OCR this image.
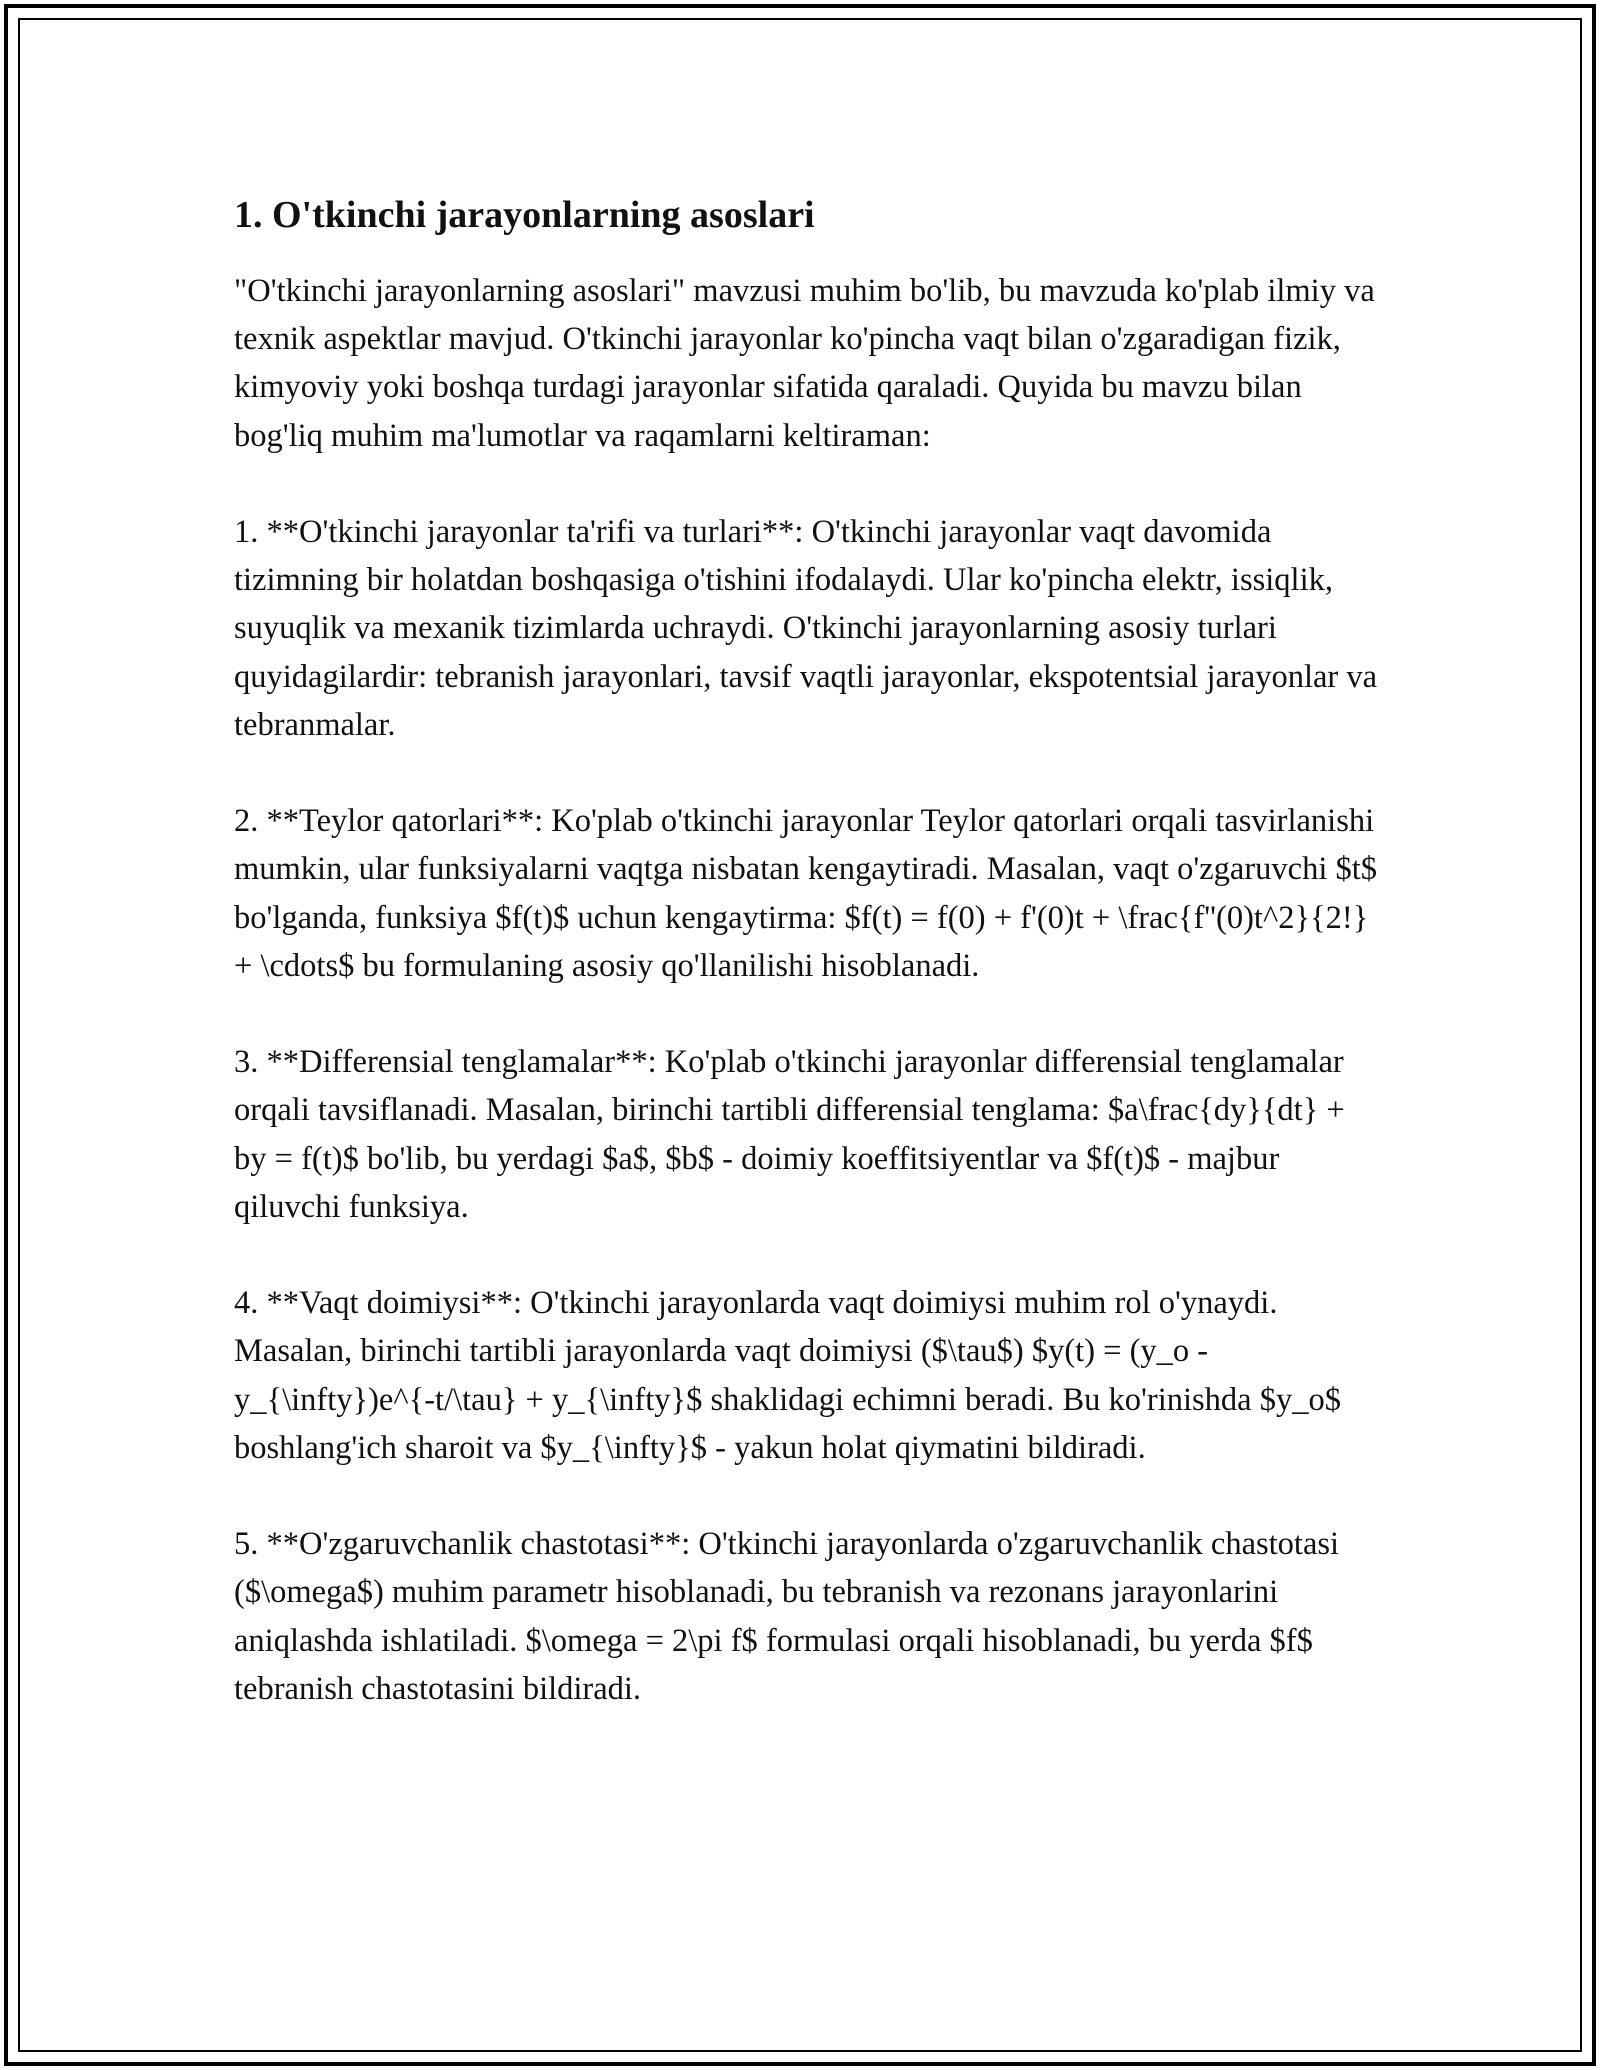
1. O'tkinchi jarayonlarning asoslari

"O'tkinchi jarayonlarning asoslari" mavzusi muhim bo'lib, bu mavzuda ko'plab ilmiy va texnik aspektlar mavjud. O'tkinchi jarayonlar ko'pincha vaqt bilan o'zgaradigan fizik, kimyoviy yoki boshqa turdagi jarayonlar sifatida qaraladi. Quyida bu mavzu bilan bog'liq muhim ma'lumotlar va raqamlarni keltiraman:

1. **O'tkinchi jarayonlar ta'rifi va turlari**: O'tkinchi jarayonlar vaqt davomida tizimning bir holatdan boshqasiga o'tishini ifodalaydi. Ular ko'pincha elektr, issiqlik, suyuqlik va mexanik tizimlarda uchraydi. O'tkinchi jarayonlarning asosiy turlari quyidagilardir: tebranish jarayonlari, tavsif vaqtli jarayonlar, ekspotentsial jarayonlar va tebranmalar.

2. **Teylor qatorlari**: Ko'plab o'tkinchi jarayonlar Teylor qatorlari orqali tasvirlanishi mumkin, ular funksiyalarni vaqtga nisbatan kengaytiradi. Masalan, vaqt o'zgaruvchi $t$ bo'lganda, funksiya $f(t)$ uchun kengaytirma: $f(t) = f(0) + f'(0)t + \frac{f''(0)t^2}{2!} + \cdots$ bu formulaning asosiy qo'llanilishi hisoblanadi.

3. **Differensial tenglamalar**: Ko'plab o'tkinchi jarayonlar differensial tenglamalar orqali tavsiflanadi. Masalan, birinchi tartibli differensial tenglama: $a\frac{dy}{dt} + by = f(t)$ bo'lib, bu yerdagi $a$, $b$ - doimiy koeffitsiyentlar va $f(t)$ - majbur qiluvchi funksiya.

4. **Vaqt doimiysi**: O'tkinchi jarayonlarda vaqt doimiysi muhim rol o'ynaydi. Masalan, birinchi tartibli jarayonlarda vaqt doimiysi ($\tau$) $y(t) = (y_o - y_{\infty})e^{-t/\tau} + y_{\infty}$ shaklidagi echimni beradi. Bu ko'rinishda $y_o$ boshlang'ich sharoit va $y_{\infty}$ - yakun holat qiymatini bildiradi.

5. **O'zgaruvchanlik chastotasi**: O'tkinchi jarayonlarda o'zgaruvchanlik chastotasi ($\omega$) muhim parametr hisoblanadi, bu tebranish va rezonans jarayonlarini aniqlashda ishlatiladi. $\omega = 2\pi f$ formulasi orqali hisoblanadi, bu yerda $f$ tebranish chastotasini bildiradi.
